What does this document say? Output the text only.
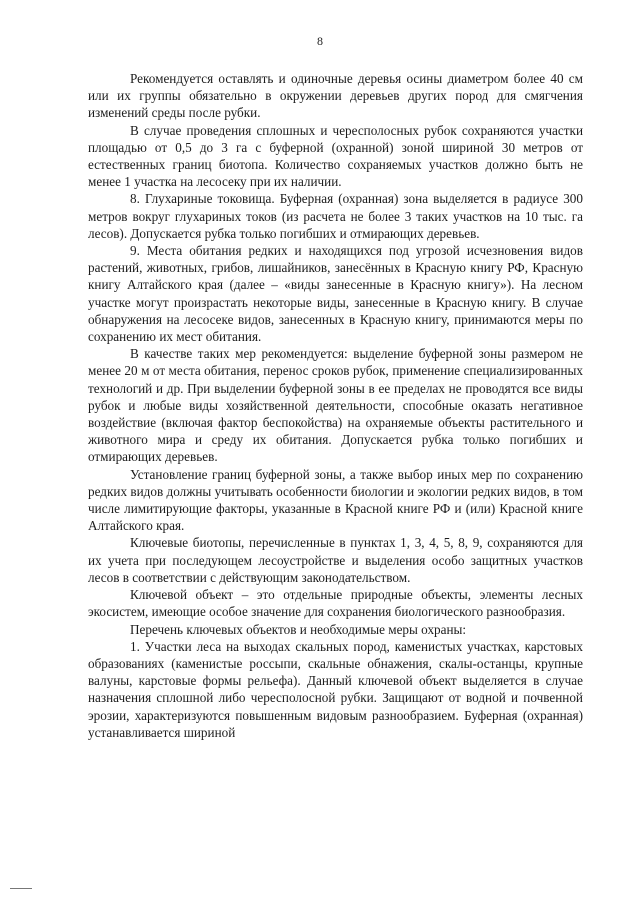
8

Рекомендуется оставлять и одиночные деревья осины диаметром более 40 см или их группы обязательно в окружении деревьев других пород для смягчения изменений среды после рубки.

В случае проведения сплошных и чересполосных рубок сохраняются участки площадью от 0,5 до 3 га с буферной (охранной) зоной шириной 30 метров от естественных границ биотопа. Количество сохраняемых участков должно быть не менее 1 участка на лесосеку при их наличии.

8. Глухариные токовища. Буферная (охранная) зона выделяется в радиусе 300 метров вокруг глухариных токов (из расчета не более 3 таких участков на 10 тыс. га лесов). Допускается рубка только погибших и отмирающих деревьев.

9. Места обитания редких и находящихся под угрозой исчезновения видов растений, животных, грибов, лишайников, занесённых в Красную книгу РФ, Красную книгу Алтайского края (далее – «виды занесенные в Красную книгу»). На лесном участке могут произрастать некоторые виды, занесенные в Красную книгу. В случае обнаружения на лесосеке видов, занесенных в Красную книгу, принимаются меры по сохранению их мест обитания.

В качестве таких мер рекомендуется: выделение буферной зоны размером не менее 20 м от места обитания, перенос сроков рубок, применение специализированных технологий и др. При выделении буферной зоны в ее пределах не проводятся все виды рубок и любые виды хозяйственной деятельности, способные оказать негативное воздействие (включая фактор беспокойства) на охраняемые объекты растительного и животного мира и среду их обитания. Допускается рубка только погибших и отмирающих деревьев.

Установление границ буферной зоны, а также выбор иных мер по сохранению редких видов должны учитывать особенности биологии и экологии редких видов, в том числе лимитирующие факторы, указанные в Красной книге РФ и (или) Красной книге Алтайского края.

Ключевые биотопы, перечисленные в пунктах 1, 3, 4, 5, 8, 9, сохраняются для их учета при последующем лесоустройстве и выделения особо защитных участков лесов в соответствии с действующим законодательством.

Ключевой объект – это отдельные природные объекты, элементы лесных экосистем, имеющие особое значение для сохранения биологического разнообразия.

Перечень ключевых объектов и необходимые меры охраны:

1. Участки леса на выходах скальных пород, каменистых участках, карстовых образованиях (каменистые россыпи, скальные обнажения, скалы-останцы, крупные валуны, карстовые формы рельефа). Данный ключевой объект выделяется в случае назначения сплошной либо чересполосной рубки. Защищают от водной и почвенной эрозии, характеризуются повышенным видовым разнообразием. Буферная (охранная) устанавливается шириной
